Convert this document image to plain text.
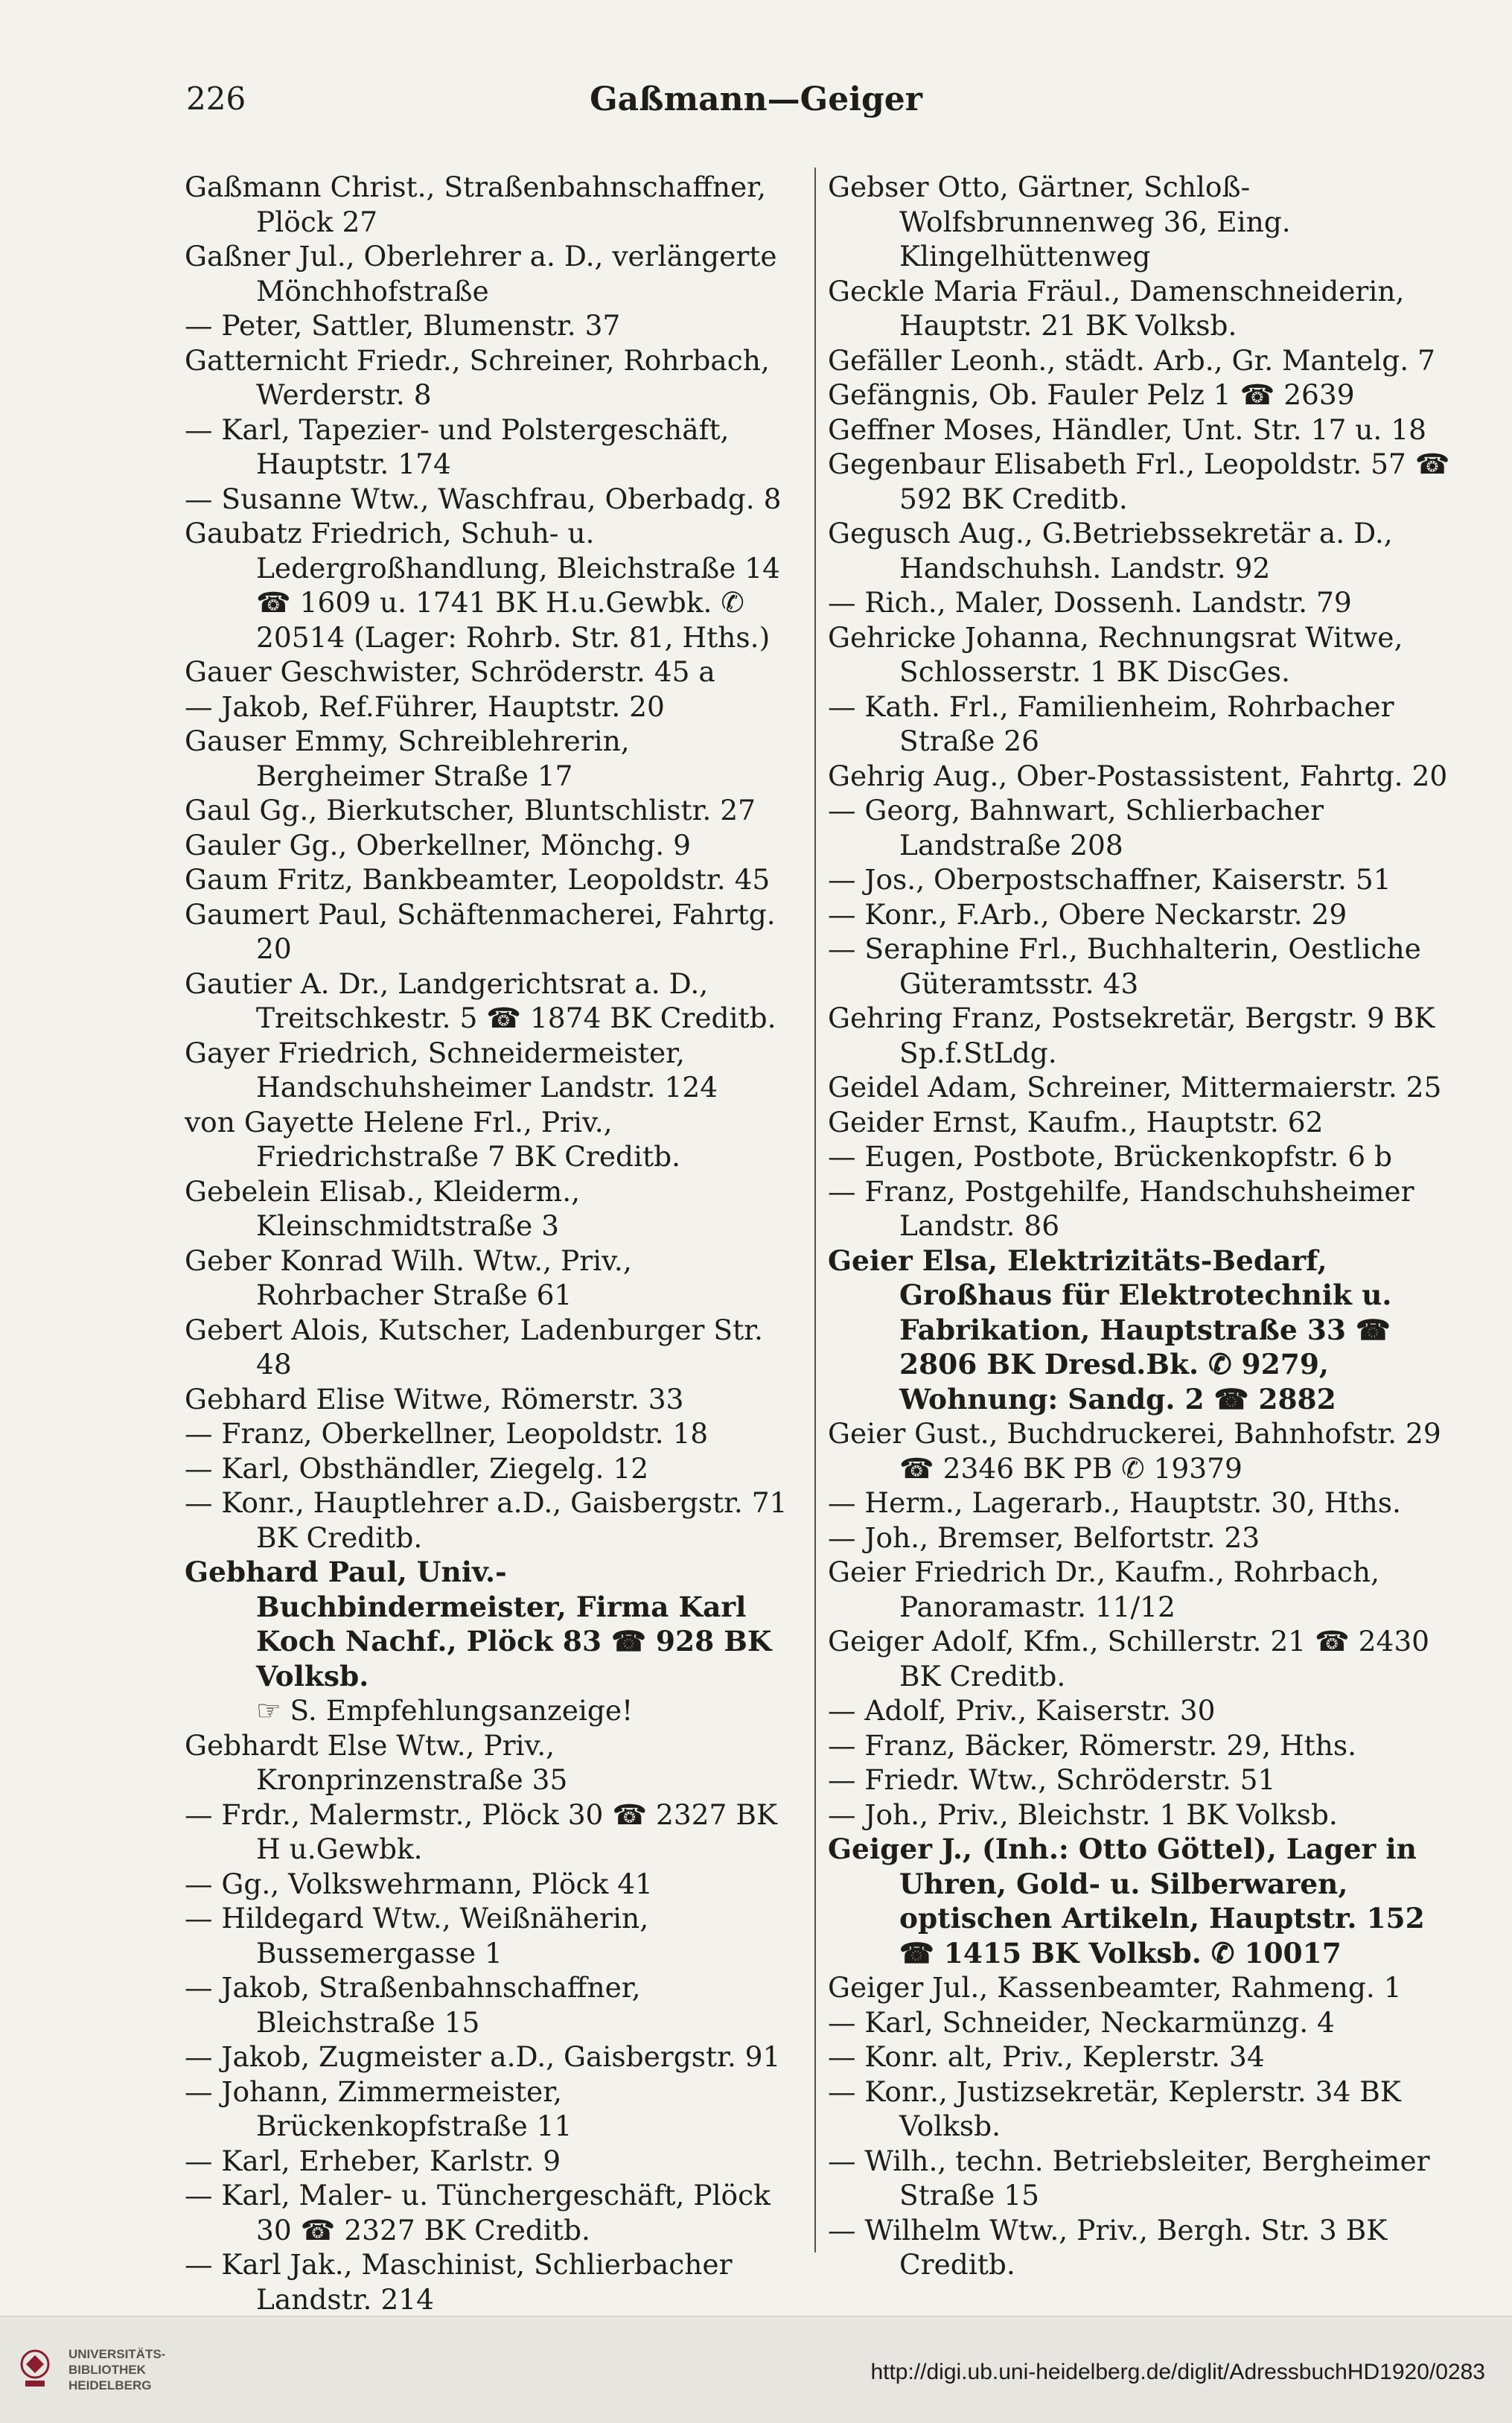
226	Gaßmann—Geiger

Gaßmann Christ., Straßenbahnschaffner, Plöck 27

Gaßner Jul., Oberlehrer a. D., verlängerte Mönchhofstraße

— Peter, Sattler, Blumenstr. 37

Gatternicht Friedr., Schreiner, Rohrbach, Werderstr. 8

— Karl, Tapezier- und Polstergeschäft, Hauptstr. 174

— Susanne Wtw., Waschfrau, Oberbadg. 8

Gaubatz Friedrich, Schuh- u. Ledergroßhandlung, Bleichstraße 14 ☎ 1609 u. 1741 BK H.u.Gewbk. ✆ 20514 (Lager: Rohrb. Str. 81, Hths.)

Gauer Geschwister, Schröderstr. 45 a

— Jakob, Ref.Führer, Hauptstr. 20

Gauser Emmy, Schreiblehrerin, Bergheimer Straße 17

Gaul Gg., Bierkutscher, Bluntschlistr. 27

Gauler Gg., Oberkellner, Mönchg. 9

Gaum Fritz, Bankbeamter, Leopoldstr. 45

Gaumert Paul, Schäftenmacherei, Fahrtg. 20

Gautier A. Dr., Landgerichtsrat a. D., Treitschkestr. 5 ☎ 1874 BK Creditb.

Gayer Friedrich, Schneidermeister, Handschuhsheimer Landstr. 124

von Gayette Helene Frl., Priv., Friedrichstraße 7 BK Creditb.

Gebelein Elisab., Kleiderm., Kleinschmidtstraße 3

Geber Konrad Wilh. Wtw., Priv., Rohrbacher Straße 61

Gebert Alois, Kutscher, Ladenburger Str. 48

Gebhard Elise Witwe, Römerstr. 33

— Franz, Oberkellner, Leopoldstr. 18

— Karl, Obsthändler, Ziegelg. 12

— Konr., Hauptlehrer a.D., Gaisbergstr. 71 BK Creditb.

Gebhard Paul, Univ.-Buchbindermeister, Firma Karl Koch Nachf., Plöck 83 ☎ 928 BK Volksb.

☞ S. Empfehlungsanzeige!

Gebhardt Else Wtw., Priv., Kronprinzenstraße 35

— Frdr., Malermstr., Plöck 30 ☎ 2327 BK H u.Gewbk.

— Gg., Volkswehrmann, Plöck 41

— Hildegard Wtw., Weißnäherin, Bussemergasse 1

— Jakob, Straßenbahnschaffner, Bleichstraße 15

— Jakob, Zugmeister a.D., Gaisbergstr. 91

— Johann, Zimmermeister, Brückenkopfstraße 11

— Karl, Erheber, Karlstr. 9

— Karl, Maler- u. Tünchergeschäft, Plöck 30 ☎ 2327 BK Creditb.

— Karl Jak., Maschinist, Schlierbacher Landstr. 214

Gebser Otto, Gärtner, Schloß-Wolfsbrunnenweg 36, Eing. Klingelhüttenweg

Geckle Maria Fräul., Damenschneiderin, Hauptstr. 21 BK Volksb.

Gefäller Leonh., städt. Arb., Gr. Mantelg. 7

Gefängnis, Ob. Fauler Pelz 1 ☎ 2639

Geffner Moses, Händler, Unt. Str. 17 u. 18

Gegenbaur Elisabeth Frl., Leopoldstr. 57 ☎ 592 BK Creditb.

Gegusch Aug., G.Betriebssekretär a. D., Handschuhsh. Landstr. 92

— Rich., Maler, Dossenh. Landstr. 79

Gehricke Johanna, Rechnungsrat Witwe, Schlosserstr. 1 BK DiscGes.

— Kath. Frl., Familienheim, Rohrbacher Straße 26

Gehrig Aug., Ober-Postassistent, Fahrtg. 20

— Georg, Bahnwart, Schlierbacher Landstraße 208

— Jos., Oberpostschaffner, Kaiserstr. 51

— Konr., F.Arb., Obere Neckarstr. 29

— Seraphine Frl., Buchhalterin, Oestliche Güteramtsstr. 43

Gehring Franz, Postsekretär, Bergstr. 9 BK Sp.f.StLdg.

Geidel Adam, Schreiner, Mittermaierstr. 25

Geider Ernst, Kaufm., Hauptstr. 62

— Eugen, Postbote, Brückenkopfstr. 6 b

— Franz, Postgehilfe, Handschuhsheimer Landstr. 86

Geier Elsa, Elektrizitäts-Bedarf, Großhaus für Elektrotechnik u. Fabrikation, Hauptstraße 33 ☎ 2806 BK Dresd.Bk. ✆ 9279, Wohnung: Sandg. 2 ☎ 2882

Geier Gust., Buchdruckerei, Bahnhofstr. 29 ☎ 2346 BK PB ✆ 19379

— Herm., Lagerarb., Hauptstr. 30, Hths.

— Joh., Bremser, Belfortstr. 23

Geier Friedrich Dr., Kaufm., Rohrbach, Panoramastr. 11/12

Geiger Adolf, Kfm., Schillerstr. 21 ☎ 2430 BK Creditb.

— Adolf, Priv., Kaiserstr. 30

— Franz, Bäcker, Römerstr. 29, Hths.

— Friedr. Wtw., Schröderstr. 51

— Joh., Priv., Bleichstr. 1 BK Volksb.

Geiger J., (Inh.: Otto Göttel), Lager in Uhren, Gold- u. Silberwaren, optischen Artikeln, Hauptstr. 152 ☎ 1415 BK Volksb. ✆ 10017

Geiger Jul., Kassenbeamter, Rahmeng. 1

— Karl, Schneider, Neckarmünzg. 4

— Konr. alt, Priv., Keplerstr. 34

— Konr., Justizsekretär, Keplerstr. 34 BK Volksb.

— Wilh., techn. Betriebsleiter, Bergheimer Straße 15

— Wilhelm Wtw., Priv., Bergh. Str. 3 BK Creditb.

UNIVERSITÄTS-
BIBLIOTHEK
HEIDELBERG
http://digi.ub.uni-heidelberg.de/diglit/AdressbuchHD1920/0283
